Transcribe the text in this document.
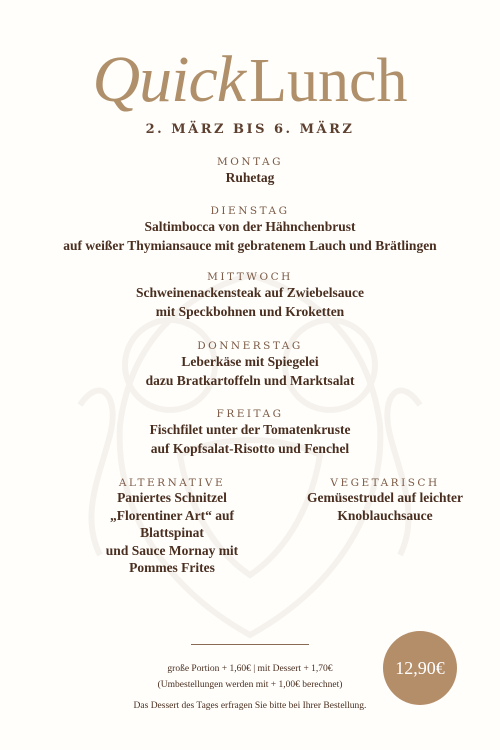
QuickLunch
2. MÄRZ BIS 6. MÄRZ
MONTAG
Ruhetag
DIENSTAG
Saltimbocca von der Hähnchenbrust
auf weißer Thymiansauce mit gebratenem Lauch und Brätlingen
MITTWOCH
Schweinenackensteak auf Zwiebelsauce
mit Speckbohnen und Kroketten
DONNERSTAG
Leberkäse mit Spiegelei
dazu Bratkartoffeln und Marktsalat
FREITAG
Fischfilet unter der Tomatenkruste
auf Kopfsalat-Risotto und Fenchel
ALTERNATIVE
Paniertes Schnitzel
„Florentiner Art“ auf Blattspinat
und Sauce Mornay mit
Pommes Frites
VEGETARISCH
Gemüsestrudel auf leichter
Knoblauchsauce
große Portion + 1,60€ | mit Dessert + 1,70€
(Umbestellungen werden mit + 1,00€ berechnet)
Das Dessert des Tages erfragen Sie bitte bei Ihrer Bestellung.
12,90€
